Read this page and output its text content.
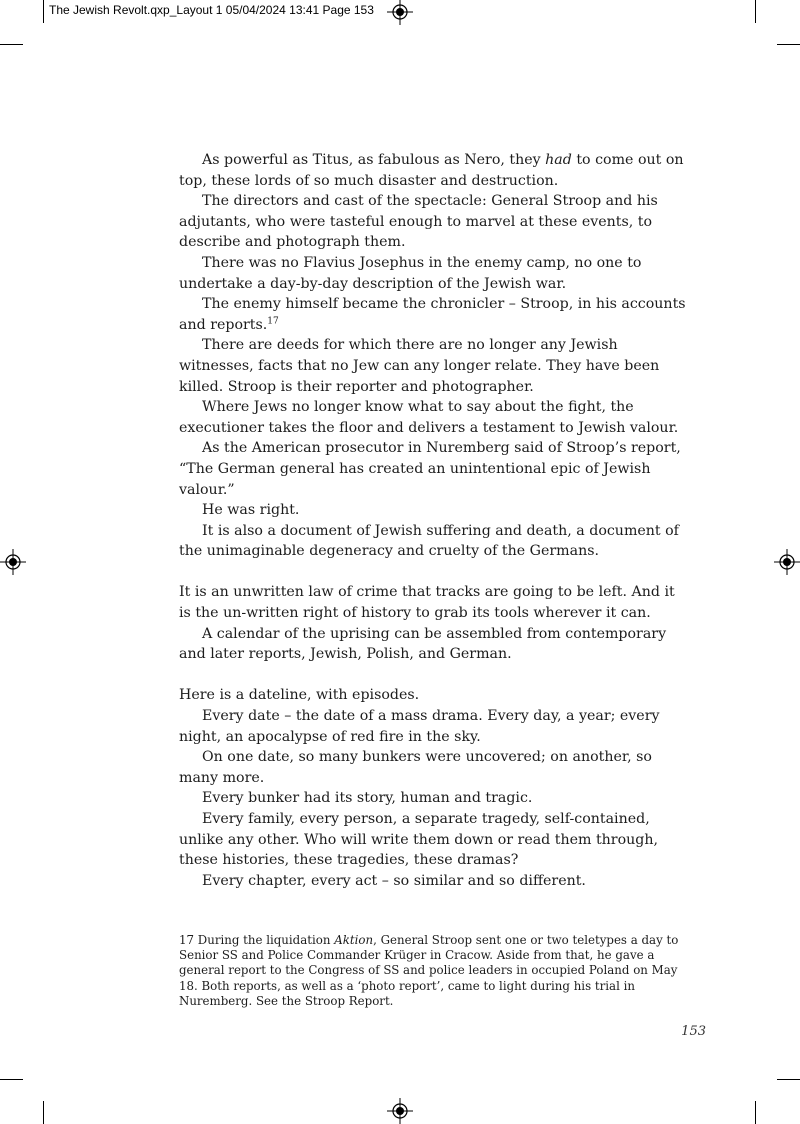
The Jewish Revolt.qxp_Layout 1 05/04/2024 13:41 Page 153

As powerful as Titus, as fabulous as Nero, they had to come out on top, these lords of so much disaster and destruction.

The directors and cast of the spectacle: General Stroop and his adjutants, who were tasteful enough to marvel at these events, to describe and photograph them.

There was no Flavius Josephus in the enemy camp, no one to undertake a day-by-day description of the Jewish war.

The enemy himself became the chronicler – Stroop, in his accounts and reports.$^{17}$

There are deeds for which there are no longer any Jewish witnesses, facts that no Jew can any longer relate. They have been killed. Stroop is their reporter and photographer.

Where Jews no longer know what to say about the fight, the executioner takes the floor and delivers a testament to Jewish valour.

As the American prosecutor in Nuremberg said of Stroop’s report, “The German general has created an unintentional epic of Jewish valour.”

He was right.

It is also a document of Jewish suffering and death, a document of the unimaginable degeneracy and cruelty of the Germans.

It is an unwritten law of crime that tracks are going to be left. And it is the un-written right of history to grab its tools wherever it can.

A calendar of the uprising can be assembled from contemporary and later reports, Jewish, Polish, and German.

Here is a dateline, with episodes.

Every date – the date of a mass drama. Every day, a year; every night, an apocalypse of red fire in the sky.

On one date, so many bunkers were uncovered; on another, so many more.

Every bunker had its story, human and tragic.

Every family, every person, a separate tragedy, self-contained, unlike any other. Who will write them down or read them through, these histories, these tragedies, these dramas?

Every chapter, every act – so similar and so different.

17 During the liquidation Aktion, General Stroop sent one or two teletypes a day to Senior SS and Police Commander Krüger in Cracow. Aside from that, he gave a general report to the Congress of SS and police leaders in occupied Poland on May 18. Both reports, as well as a ‘photo report’, came to light during his trial in Nuremberg. See the Stroop Report.
153
